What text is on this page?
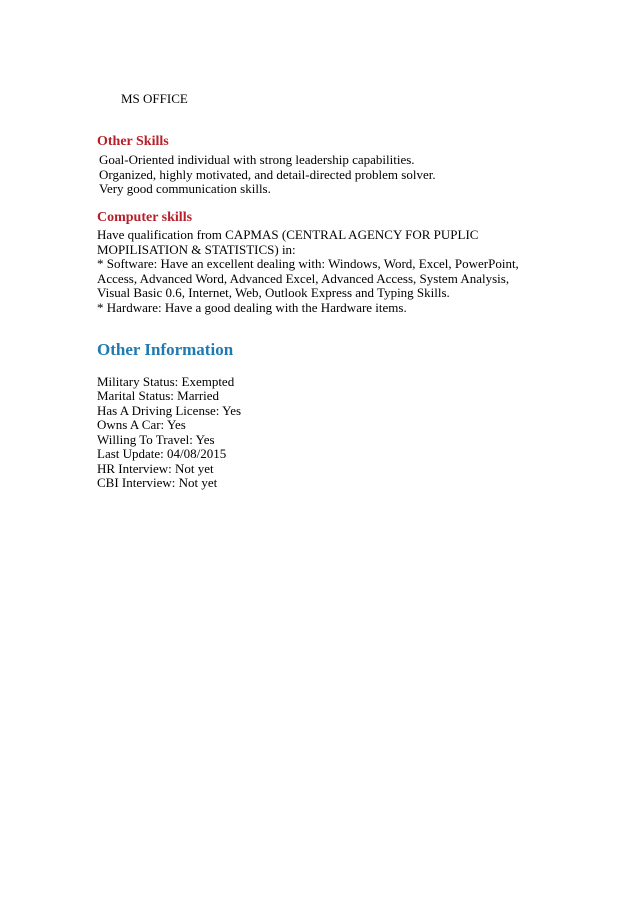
MS OFFICE
Other Skills
Goal-Oriented individual with strong leadership capabilities.
Organized, highly motivated, and detail-directed problem solver.
Very good communication skills.
Computer skills
Have qualification from CAPMAS (CENTRAL AGENCY FOR PUPLIC
MOPILISATION & STATISTICS) in:
* Software: Have an excellent dealing with: Windows, Word, Excel, PowerPoint,
Access, Advanced Word, Advanced Excel, Advanced Access, System Analysis,
Visual Basic 0.6, Internet, Web, Outlook Express and Typing Skills.
* Hardware: Have a good dealing with the Hardware items.
Other Information
Military Status: Exempted
Marital Status: Married
Has A Driving License: Yes
Owns A Car: Yes
Willing To Travel: Yes
Last Update: 04/08/2015
HR Interview: Not yet
CBI Interview: Not yet
